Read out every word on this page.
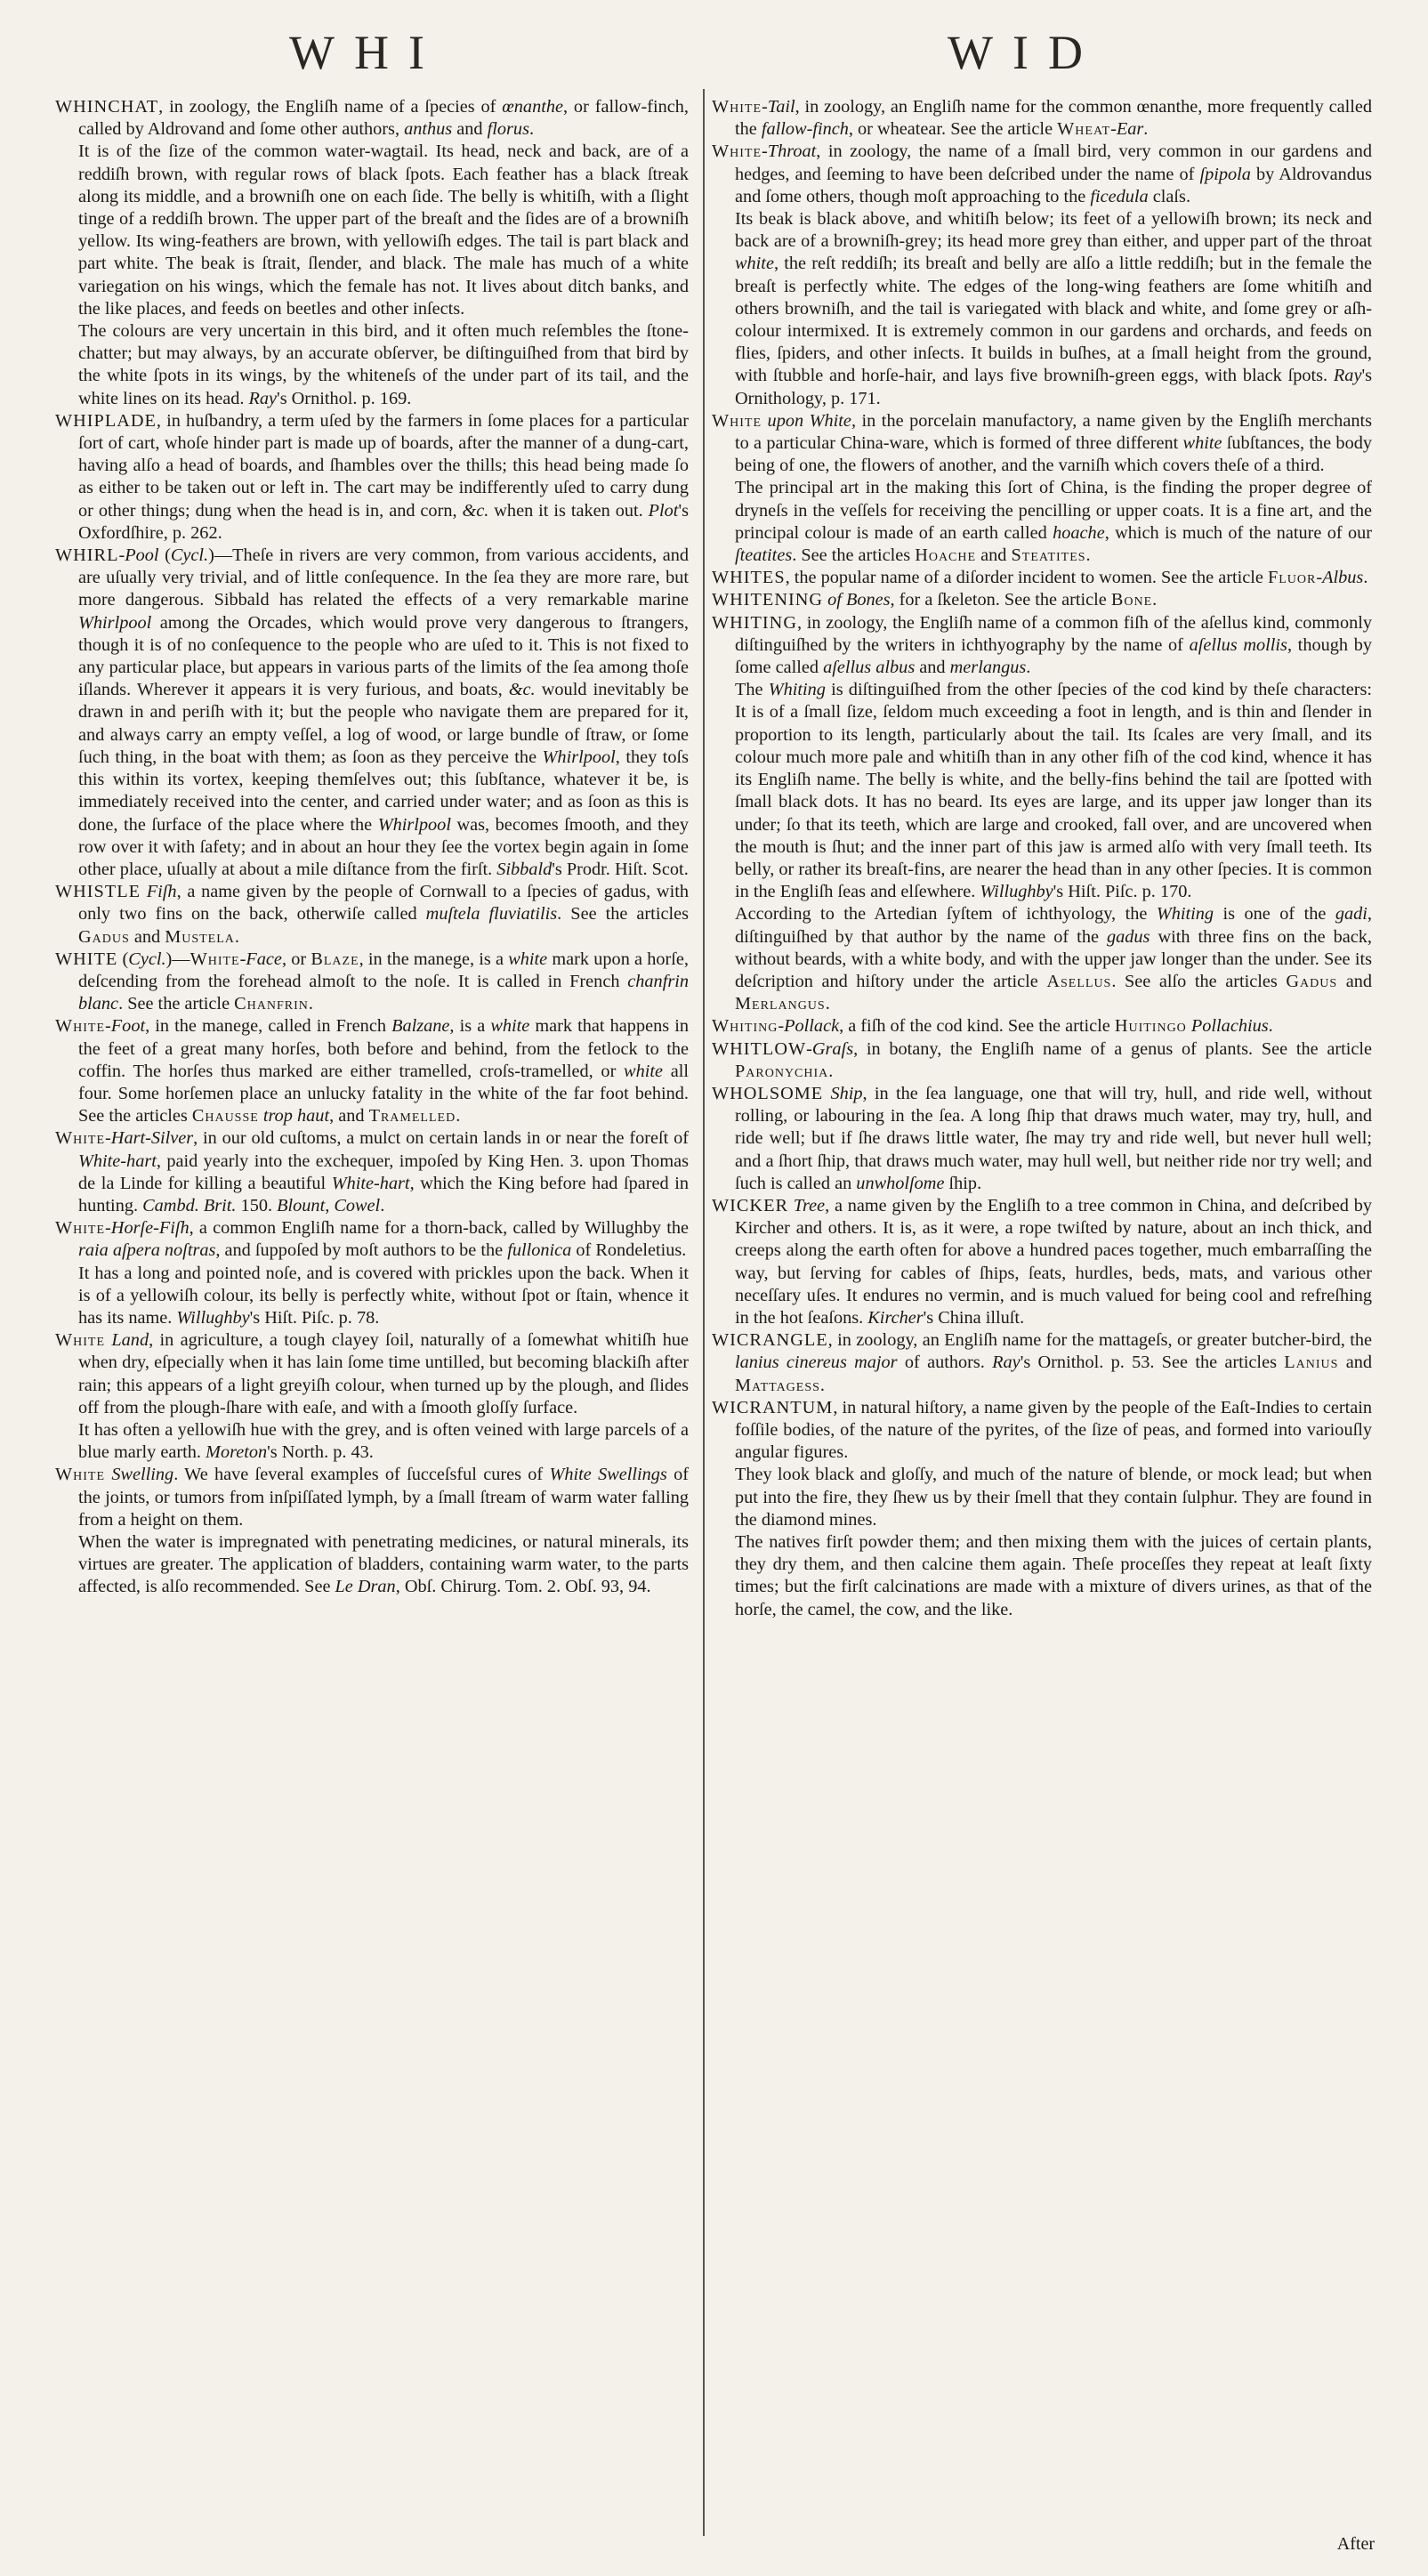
WHI	WID

WHINCHAT, in zoology, the Engliſh name of a ſpecies of œnanthe, or fallow-finch, called by Aldrovand and ſome other authors, anthus and florus.

It is of the ſize of the common water-wagtail. Its head, neck and back, are of a reddiſh brown, with regular rows of black ſpots. Each feather has a black ſtreak along its middle, and a browniſh one on each ſide. The belly is whitiſh, with a ſlight tinge of a reddiſh brown. The upper part of the breaſt and the ſides are of a browniſh yellow. Its wing-feathers are brown, with yellowiſh edges. The tail is part black and part white. The beak is ſtrait, ſlender, and black. The male has much of a white variegation on his wings, which the female has not. It lives about ditch banks, and the like places, and feeds on beetles and other inſects.

The colours are very uncertain in this bird, and it often much reſembles the ſtone-chatter; but may always, by an accurate obſerver, be diſtinguiſhed from that bird by the white ſpots in its wings, by the whiteneſs of the under part of its tail, and the white lines on its head. Ray's Ornithol. p. 169.

WHIPLADE, in huſbandry, a term uſed by the farmers in ſome places for a particular ſort of cart, whoſe hinder part is made up of boards, after the manner of a dung-cart, having alſo a head of boards, and ſhambles over the thills; this head being made ſo as either to be taken out or left in. The cart may be indifferently uſed to carry dung or other things; dung when the head is in, and corn, &c. when it is taken out. Plot's Oxfordſhire, p. 262.

WHIRL-Pool (Cycl.)—Theſe in rivers are very common, from various accidents, and are uſually very trivial, and of little conſequence. In the ſea they are more rare, but more dangerous. Sibbald has related the effects of a very remarkable marine Whirlpool among the Orcades, which would prove very dangerous to ſtrangers, though it is of no conſequence to the people who are uſed to it. This is not fixed to any particular place, but appears in various parts of the limits of the ſea among thoſe iſlands. Wherever it appears it is very furious, and boats, &c. would inevitably be drawn in and periſh with it; but the people who navigate them are prepared for it, and always carry an empty veſſel, a log of wood, or large bundle of ſtraw, or ſome ſuch thing, in the boat with them; as ſoon as they perceive the Whirlpool, they toſs this within its vortex, keeping themſelves out; this ſubſtance, whatever it be, is immediately received into the center, and carried under water; and as ſoon as this is done, the ſurface of the place where the Whirlpool was, becomes ſmooth, and they row over it with ſafety; and in about an hour they ſee the vortex begin again in ſome other place, uſually at about a mile diſtance from the firſt. Sibbald's Prodr. Hiſt. Scot.

WHISTLE Fiſh, a name given by the people of Cornwall to a ſpecies of gadus, with only two fins on the back, otherwiſe called muſtela fluviatilis. See the articles Gadus and Mustela.

WHITE (Cycl.)—White-Face, or Blaze, in the manege, is a white mark upon a horſe, deſcending from the forehead almoſt to the noſe. It is called in French chanfrin blanc. See the article Chanfrin.

White-Foot, in the manege, called in French Balzane, is a white mark that happens in the feet of a great many horſes, both before and behind, from the fetlock to the coffin. The horſes thus marked are either tramelled, croſs-tramelled, or white all four. Some horſemen place an unlucky fatality in the white of the far foot behind. See the articles Chausse trop haut, and Tramelled.

White-Hart-Silver, in our old cuſtoms, a mulct on certain lands in or near the foreſt of White-hart, paid yearly into the exchequer, impoſed by King Hen. 3. upon Thomas de la Linde for killing a beautiful White-hart, which the King before had ſpared in hunting. Cambd. Brit. 150. Blount, Cowel.

White-Horſe-Fiſh, a common Engliſh name for a thorn-back, called by Willughby the raia aſpera noſtras, and ſuppoſed by moſt authors to be the fullonica of Rondeletius.

It has a long and pointed noſe, and is covered with prickles upon the back. When it is of a yellowiſh colour, its belly is perfectly white, without ſpot or ſtain, whence it has its name. Willughby's Hiſt. Piſc. p. 78.

White Land, in agriculture, a tough clayey ſoil, naturally of a ſomewhat whitiſh hue when dry, eſpecially when it has lain ſome time untilled, but becoming blackiſh after rain; this appears of a light greyiſh colour, when turned up by the plough, and ſlides off from the plough-ſhare with eaſe, and with a ſmooth gloſſy ſurface.

It has often a yellowiſh hue with the grey, and is often veined with large parcels of a blue marly earth. Moreton's North. p. 43.

White Swelling. We have ſeveral examples of ſucceſsful cures of White Swellings of the joints, or tumors from inſpiſſated lymph, by a ſmall ſtream of warm water falling from a height on them.

When the water is impregnated with penetrating medicines, or natural minerals, its virtues are greater. The application of bladders, containing warm water, to the parts affected, is alſo recommended. See Le Dran, Obſ. Chirurg. Tom. 2. Obſ. 93, 94.

White-Tail, in zoology, an Engliſh name for the common œnanthe, more frequently called the fallow-finch, or wheatear. See the article Wheat-Ear.

White-Throat, in zoology, the name of a ſmall bird, very common in our gardens and hedges, and ſeeming to have been deſcribed under the name of ſpipola by Aldrovandus and ſome others, though moſt approaching to the ficedula claſs.

Its beak is black above, and whitiſh below; its feet of a yellowiſh brown; its neck and back are of a browniſh-grey; its head more grey than either, and upper part of the throat white, the reſt reddiſh; its breaſt and belly are alſo a little reddiſh; but in the female the breaſt is perfectly white. The edges of the long-wing feathers are ſome whitiſh and others browniſh, and the tail is variegated with black and white, and ſome grey or aſh-colour intermixed. It is extremely common in our gardens and orchards, and feeds on flies, ſpiders, and other inſects. It builds in buſhes, at a ſmall height from the ground, with ſtubble and horſe-hair, and lays five browniſh-green eggs, with black ſpots. Ray's Ornithology, p. 171.

White upon White, in the porcelain manufactory, a name given by the Engliſh merchants to a particular China-ware, which is formed of three different white ſubſtances, the body being of one, the flowers of another, and the varniſh which covers theſe of a third.

The principal art in the making this ſort of China, is the finding the proper degree of dryneſs in the veſſels for receiving the pencilling or upper coats. It is a fine art, and the principal colour is made of an earth called hoache, which is much of the nature of our ſteatites. See the articles Hoache and Steatites.

WHITES, the popular name of a diſorder incident to women. See the article Fluor-Albus.

WHITENING of Bones, for a ſkeleton. See the article Bone.

WHITING, in zoology, the Engliſh name of a common fiſh of the aſellus kind, commonly diſtinguiſhed by the writers in ichthyography by the name of aſellus mollis, though by ſome called aſellus albus and merlangus.

The Whiting is diſtinguiſhed from the other ſpecies of the cod kind by theſe characters: It is of a ſmall ſize, ſeldom much exceeding a foot in length, and is thin and ſlender in proportion to its length, particularly about the tail. Its ſcales are very ſmall, and its colour much more pale and whitiſh than in any other fiſh of the cod kind, whence it has its Engliſh name. The belly is white, and the belly-fins behind the tail are ſpotted with ſmall black dots. It has no beard. Its eyes are large, and its upper jaw longer than its under; ſo that its teeth, which are large and crooked, fall over, and are uncovered when the mouth is ſhut; and the inner part of this jaw is armed alſo with very ſmall teeth. Its belly, or rather its breaſt-fins, are nearer the head than in any other ſpecies. It is common in the Engliſh ſeas and elſewhere. Willughby's Hiſt. Piſc. p. 170.

According to the Artedian ſyſtem of ichthyology, the Whiting is one of the gadi, diſtinguiſhed by that author by the name of the gadus with three fins on the back, without beards, with a white body, and with the upper jaw longer than the under. See its deſcription and hiſtory under the article Asellus. See alſo the articles Gadus and Merlangus.

Whiting-Pollack, a fiſh of the cod kind. See the article Huitingo Pollachius.

WHITLOW-Graſs, in botany, the Engliſh name of a genus of plants. See the article Paronychia.

WHOLSOME Ship, in the ſea language, one that will try, hull, and ride well, without rolling, or labouring in the ſea. A long ſhip that draws much water, may try, hull, and ride well; but if ſhe draws little water, ſhe may try and ride well, but never hull well; and a ſhort ſhip, that draws much water, may hull well, but neither ride nor try well; and ſuch is called an unwholſome ſhip.

WICKER Tree, a name given by the Engliſh to a tree common in China, and deſcribed by Kircher and others. It is, as it were, a rope twiſted by nature, about an inch thick, and creeps along the earth often for above a hundred paces together, much embarraſſing the way, but ſerving for cables of ſhips, ſeats, hurdles, beds, mats, and various other neceſſary uſes. It endures no vermin, and is much valued for being cool and refreſhing in the hot ſeaſons. Kircher's China illuſt.

WICRANGLE, in zoology, an Engliſh name for the mattageſs, or greater butcher-bird, the lanius cinereus major of authors. Ray's Ornithol. p. 53. See the articles Lanius and Mattagess.

WICRANTUM, in natural hiſtory, a name given by the people of the Eaſt-Indies to certain foſſile bodies, of the nature of the pyrites, of the ſize of peas, and formed into variouſly angular figures.

They look black and gloſſy, and much of the nature of blende, or mock lead; but when put into the fire, they ſhew us by their ſmell that they contain ſulphur. They are found in the diamond mines.

The natives firſt powder them; and then mixing them with the juices of certain plants, they dry them, and then calcine them again. Theſe proceſſes they repeat at leaſt ſixty times; but the firſt calcinations are made with a mixture of divers urines, as that of the horſe, the camel, the cow, and the like.

After
